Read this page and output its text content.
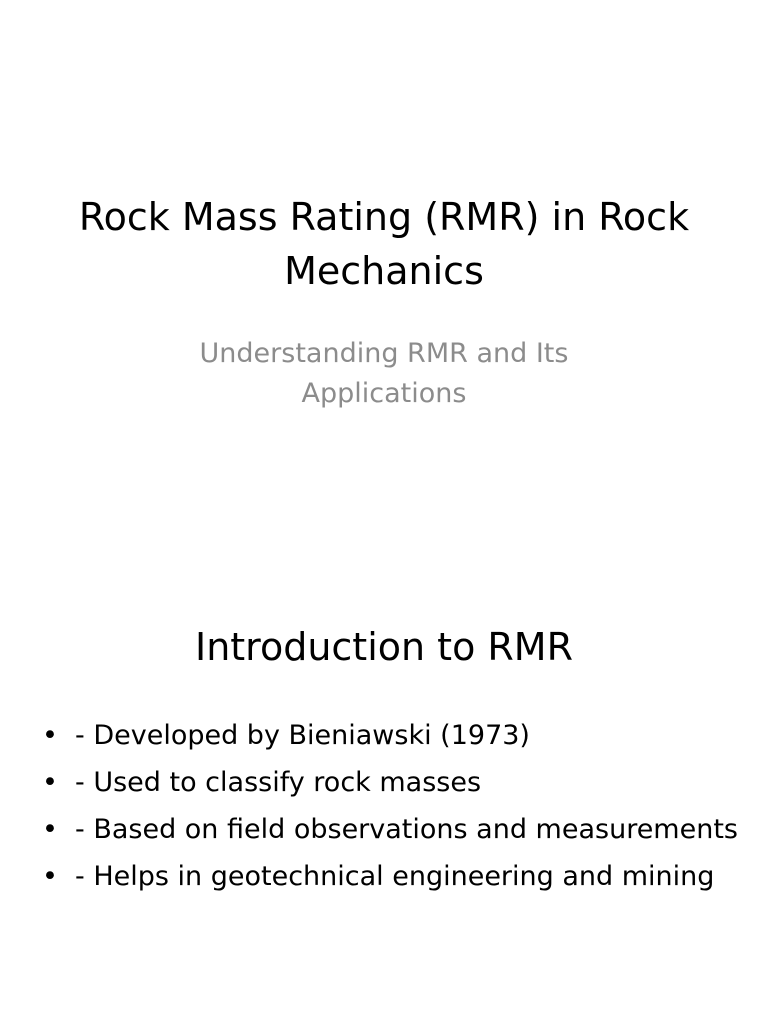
Rock Mass Rating (RMR) in Rock Mechanics
Understanding RMR and Its Applications
Introduction to RMR
• - Developed by Bieniawski (1973)
• - Used to classify rock masses
• - Based on field observations and measurements
• - Helps in geotechnical engineering and mining
